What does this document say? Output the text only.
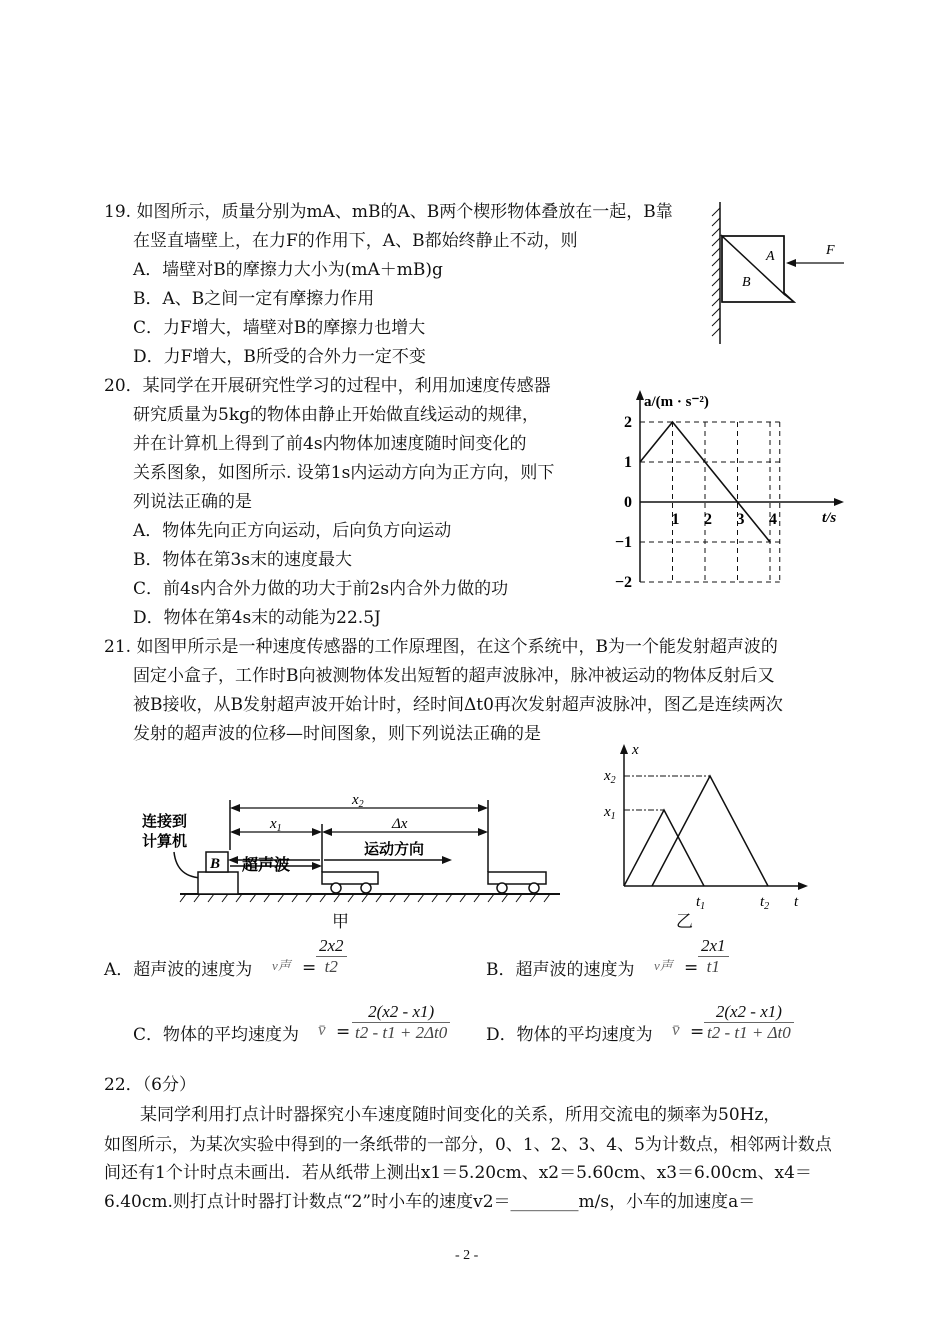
19. 如图所示，质量分别为mA、mB的A、B两个楔形物体叠放在一起，B靠
在竖直墙壁上，在力F的作用下，A、B都始终静止不动，则
A．墙壁对B的摩擦力大小为(mA＋mB)g
B．A、B之间一定有摩擦力作用
C．力F增大，墙壁对B的摩擦力也增大
D．力F增大，B所受的合外力一定不变
A
B
F
20．某同学在开展研究性学习的过程中，利用加速度传感器
研究质量为5kg的物体由静止开始做直线运动的规律，
并在计算机上得到了前4s内物体加速度随时间变化的
关系图象，如图所示. 设第1s内运动方向为正方向，则下
列说法正确的是
A．物体先向正方向运动，后向负方向运动
B．物体在第3s末的速度最大
C．前4s内合外力做的功大于前2s内合外力做的功
D．物体在第4s末的动能为22.5J
2
1
0
−1
−2
1 2 3 4
a/(m · s⁻²)
t/s
21. 如图甲所示是一种速度传感器的工作原理图，在这个系统中，B为一个能发射超声波的
固定小盒子，工作时B向被测物体发出短暂的超声波脉冲，脉冲被运动的物体反射后又
被B接收，从B发射超声波开始计时，经时间Δt0再次发射超声波脉冲，图乙是连续两次
发射的超声波的位移—时间图象，则下列说法正确的是
连接到
计算机
B 超声波
$x_2$
$x_1$	Δx
运动方向
甲
x
t
$x_2$
$x_1$
$t_1$	$t_2$
乙
A．超声波的速度为 v声 = $\frac{2x2}{t2}$	B．超声波的速度为 v声 = $\frac{2x1}{t1}$
C．物体的平均速度为 v̄ = $\frac{2(x2 - x1)}{t2 - t1 + 2\Delta t0}$ D．物体的平均速度为 v̄ = $\frac{2(x2 - x1)}{t2 - t1 + \Delta t0}$
22．（6分）
某同学利用打点计时器探究小车速度随时间变化的关系，所用交流电的频率为50Hz，
如图所示，为某次实验中得到的一条纸带的一部分，0、1、2、3、4、5为计数点，相邻两计数点
间还有1个计时点未画出．若从纸带上测出x1＝5.20cm、x2＝5.60cm、x3＝6.00cm、x4＝
6.40cm.则打点计时器打计数点“2”时小车的速度v2＝________m/s，小车的加速度a＝
- 2 -
